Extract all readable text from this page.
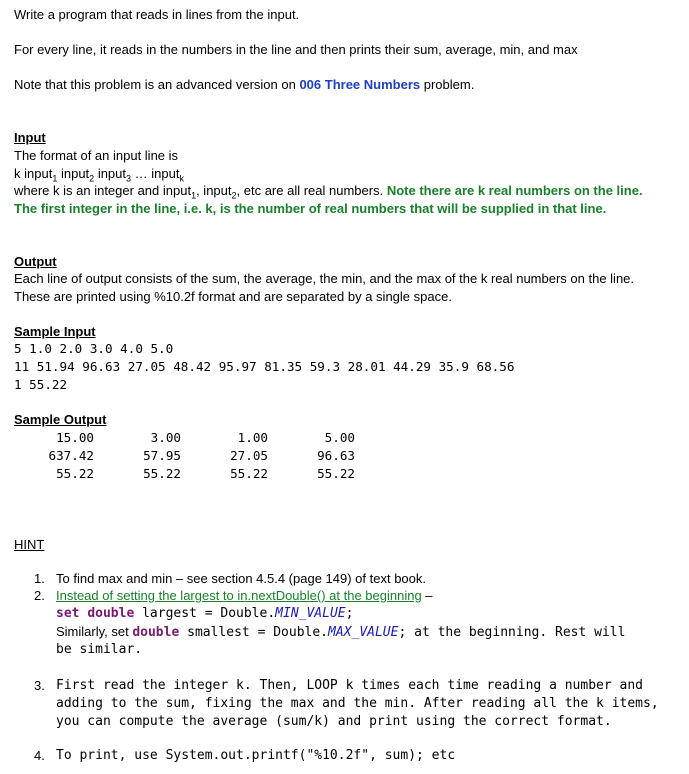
Write a program that reads in lines from the input.
For every line, it reads in the numbers in the line and then prints their sum, average, min, and max
Note that this problem is an advanced version on 006 Three Numbers problem.
Input
The format of an input line is
k input$_1$ input$_2$ input$_3$ … input$_k$
where k is an integer and input$_1$, input$_2$, etc are all real numbers. Note there are k real numbers on the line.
The first integer in the line, i.e. k, is the number of real numbers that will be supplied in that line.
Output
Each line of output consists of the sum, the average, the min, and the max of the k real numbers on the line.
These are printed using %10.2f format and are separated by a single space.
Sample Input
5 1.0 2.0 3.0 4.0 5.0
11 51.94 96.63 27.05 48.42 95.97 81.35 59.3 28.01 44.29 35.9 68.56
1 55.22
Sample Output
15.00	3.00	1.00	5.00
637.42	57.95	27.05	96.63
55.22	55.22	55.22	55.22
HINT
1. To find max and min – see section 4.5.4 (page 149) of text book.
2. Instead of setting the largest to in.nextDouble() at the beginning –
set double largest = Double.MIN_VALUE;
Similarly, set double smallest = Double.MAX_VALUE; at the beginning. Rest will
be similar.
3. First read the integer k. Then, LOOP k times each time reading a number and
adding to the sum, fixing the max and the min. After reading all the k items,
you can compute the average (sum/k) and print using the correct format.
4. To print, use System.out.printf("%10.2f", sum); etc
